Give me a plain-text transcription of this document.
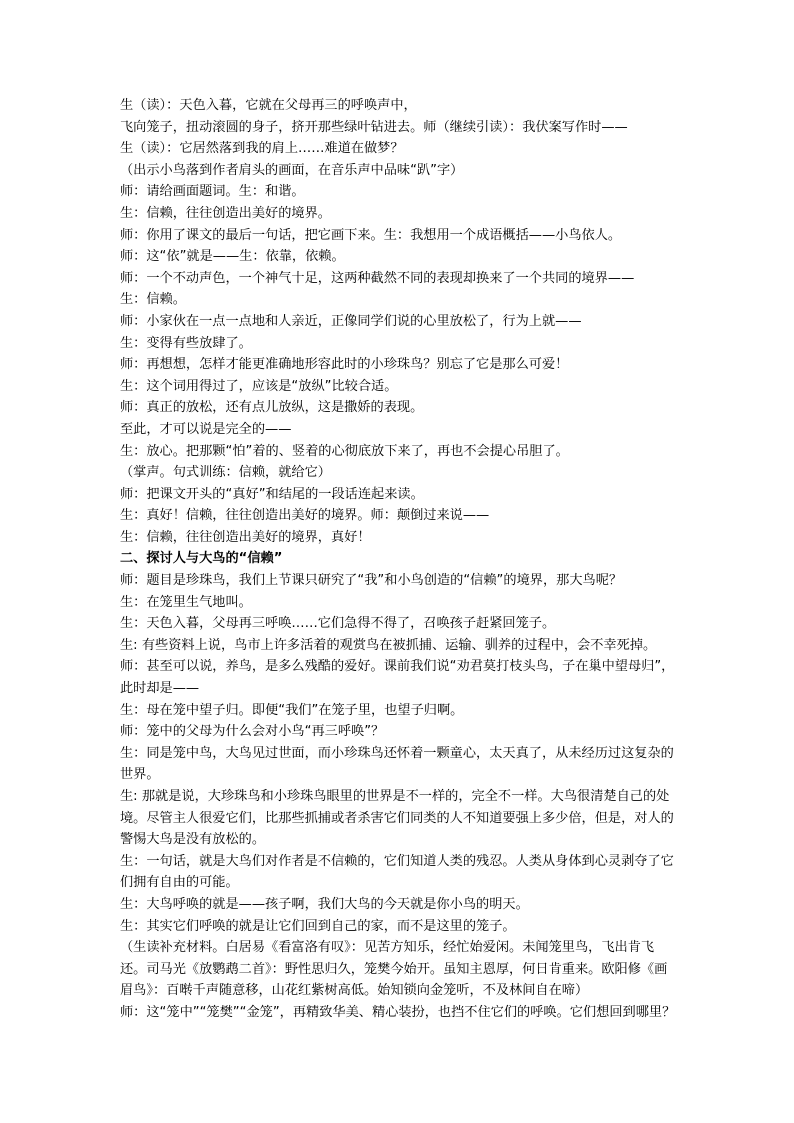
生（读）：天色入暮，它就在父母再三的呼唤声中，
飞向笼子，扭动滚圆的身子，挤开那些绿叶钻进去。师（继续引读）：我伏案写作时——
生（读）：它居然落到我的肩上……难道在做梦？
（出示小鸟落到作者肩头的画面，在音乐声中品味“趴”字）
师：请给画面题词。生：和谐。
生：信赖，往往创造出美好的境界。
师：你用了课文的最后一句话，把它画下来。生：我想用一个成语概括——小鸟依人。
师：这“依”就是——生：依靠，依赖。
师：一个不动声色，一个神气十足，这两种截然不同的表现却换来了一个共同的境界——
生：信赖。
师：小家伙在一点一点地和人亲近，正像同学们说的心里放松了，行为上就——
生：变得有些放肆了。
师：再想想，怎样才能更准确地形容此时的小珍珠鸟？别忘了它是那么可爱！
生：这个词用得过了，应该是“放纵”比较合适。
师：真正的放松，还有点儿放纵，这是撒娇的表现。
至此，才可以说是完全的——
生：放心。把那颗“怕”着的、竖着的心彻底放下来了，再也不会提心吊胆了。
（掌声。句式训练：信赖，就给它）
师：把课文开头的“真好”和结尾的一段话连起来读。
生：真好！信赖，往往创造出美好的境界。师：颠倒过来说——
生：信赖，往往创造出美好的境界，真好！
二、探讨人与大鸟的“信赖”
师：题目是珍珠鸟，我们上节课只研究了“我”和小鸟创造的“信赖”的境界，那大鸟呢？
生：在笼里生气地叫。
生：天色入暮，父母再三呼唤……它们急得不得了，召唤孩子赶紧回笼子。
生: 有些资料上说，鸟市上许多活着的观赏鸟在被抓捕、运输、驯养的过程中，会不幸死掉。
师：甚至可以说，养鸟，是多么残酷的爱好。课前我们说“劝君莫打枝头鸟，子在巢中望母归”，此时却是——
生：母在笼中望子归。即便“我们”在笼子里，也望子归啊。
师：笼中的父母为什么会对小鸟“再三呼唤”？
生：同是笼中鸟，大鸟见过世面，而小珍珠鸟还怀着一颗童心，太天真了，从未经历过这复杂的世界。
生: 那就是说，大珍珠鸟和小珍珠鸟眼里的世界是不一样的，完全不一样。大鸟很清楚自己的处境。尽管主人很爱它们，比那些抓捕或者杀害它们同类的人不知道要强上多少倍，但是，对人的警惕大鸟是没有放松的。
生：一句话，就是大鸟们对作者是不信赖的，它们知道人类的残忍。人类从身体到心灵剥夺了它们拥有自由的可能。
生：大鸟呼唤的就是——孩子啊，我们大鸟的今天就是你小鸟的明天。
生：其实它们呼唤的就是让它们回到自己的家，而不是这里的笼子。
（生读补充材料。白居易《看富洛有叹》：见苦方知乐，经忙始爱闲。未闻笼里鸟，飞出肯飞还。司马光《放鹦鹉二首》：野性思归久，笼樊今始开。虽知主恩厚，何日肯重来。欧阳修《画眉鸟》：百啭千声随意移，山花红紫树高低。始知锁向金笼听，不及林间自在啼）
师：这“笼中”“笼樊”“金笼”，再精致华美、精心装扮，也挡不住它们的呼唤。它们想回到哪里？
